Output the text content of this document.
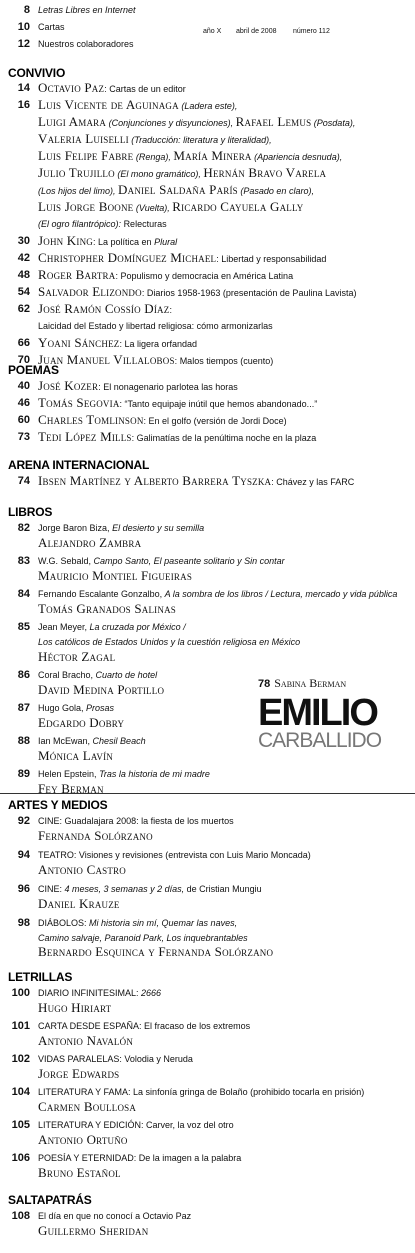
8 Letras Libres en Internet
10 Cartas
12 Nuestros colaboradores
año X abril de 2008 número 112
CONVIVIO
14 Octavio Paz: Cartas de un editor
16 Luis Vicente de Aguinaga (Ladera este),
Luigi Amara (Conjunciones y disyunciones), Rafael Lemus (Posdata),
Valeria Luiselli (Traducción: literatura y literalidad),
Luis Felipe Fabre (Renga), María Minera (Apariencia desnuda),
Julio Trujillo (El mono gramático), Hernán Bravo Varela
(Los hijos del limo), Daniel Saldaña París (Pasado en claro),
Luis Jorge Boone (Vuelta), Ricardo Cayuela Gally
(El ogro filantrópico): Relecturas
30 John King: La política en Plural
42 Christopher Domínguez Michael: Libertad y responsabilidad
48 Roger Bartra: Populismo y democracia en América Latina
54 Salvador Elizondo: Diarios 1958-1963 (presentación de Paulina Lavista)
62 José Ramón Cossío Díaz:
Laicidad del Estado y libertad religiosa: cómo armonizarlas
66 Yoani Sánchez: La ligera orfandad
70 Juan Manuel Villalobos: Malos tiempos (cuento)
POEMAS
40 José Kozer: El nonagenario parlotea las horas
46 Tomás Segovia: “Tanto equipaje inútil que hemos abandonado...”
60 Charles Tomlinson: En el golfo (versión de Jordi Doce)
73 Tedi López Mills: Galimatías de la penúltima noche en la plaza
ARENA INTERNACIONAL
74 Ibsen Martínez y Alberto Barrera Tyszka: Chávez y las FARC
LIBROS
82 Jorge Baron Biza, El desierto y su semilla
Alejandro Zambra
83 W.G. Sebald, Campo Santo, El paseante solitario y Sin contar
Mauricio Montiel Figueiras
84 Fernando Escalante Gonzalbo, A la sombra de los libros / Lectura, mercado y vida pública
Tomás Granados Salinas
85 Jean Meyer, La cruzada por México /
Los católicos de Estados Unidos y la cuestión religiosa en México
Héctor Zagal
86 Coral Bracho, Cuarto de hotel
David Medina Portillo
87 Hugo Gola, Prosas
Edgardo Dobry
88 Ian McEwan, Chesil Beach
Mónica Lavín
89 Helen Epstein, Tras la historia de mi madre
Fey Berman
78 Sabina Berman
EMILIO
CARBALLIDO
ARTES Y MEDIOS
92 CINE: Guadalajara 2008: la fiesta de los muertos
Fernanda Solórzano
94 TEATRO: Visiones y revisiones (entrevista con Luis Mario Moncada)
Antonio Castro
96 CINE: 4 meses, 3 semanas y 2 días, de Cristian Mungiu
Daniel Krauze
98 DIÁBOLOS: Mi historia sin mí, Quemar las naves,
Camino salvaje, Paranoid Park, Los inquebrantables
Bernardo Esquinca y Fernanda Solórzano
LETRILLAS
100 DIARIO INFINITESIMAL: 2666
Hugo Hiriart
101 CARTA DESDE ESPAÑA: El fracaso de los extremos
Antonio Navalón
102 VIDAS PARALELAS: Volodia y Neruda
Jorge Edwards
104 LITERATURA Y FAMA: La sinfonía gringa de Bolaño (prohibido tocarla en prisión)
Carmen Boullosa
105 LITERATURA Y EDICIÓN: Carver, la voz del otro
Antonio Ortuño
106 POESÍA Y ETERNIDAD: De la imagen a la palabra
Bruno Estañol
SALTAPATRÁS
108 El día en que no conocí a Octavio Paz
Guillermo Sheridan
